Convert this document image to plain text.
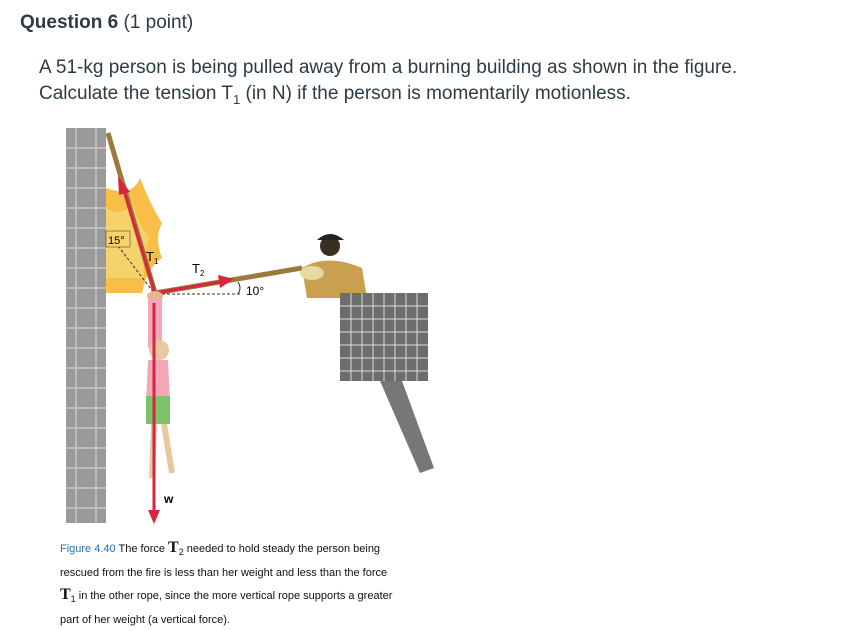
Question 6 (1 point)
A 51-kg person is being pulled away from a burning building as shown in the figure.
Calculate the tension $T_1$ (in N) if the person is momentarily motionless.
15°
$T_1$
10°
$T_2$
w
Figure 4.40 The force $T_2$ needed to hold steady the person being
rescued from the fire is less than her weight and less than the force
$T_1$ in the other rope, since the more vertical rope supports a greater
part of her weight (a vertical force).
